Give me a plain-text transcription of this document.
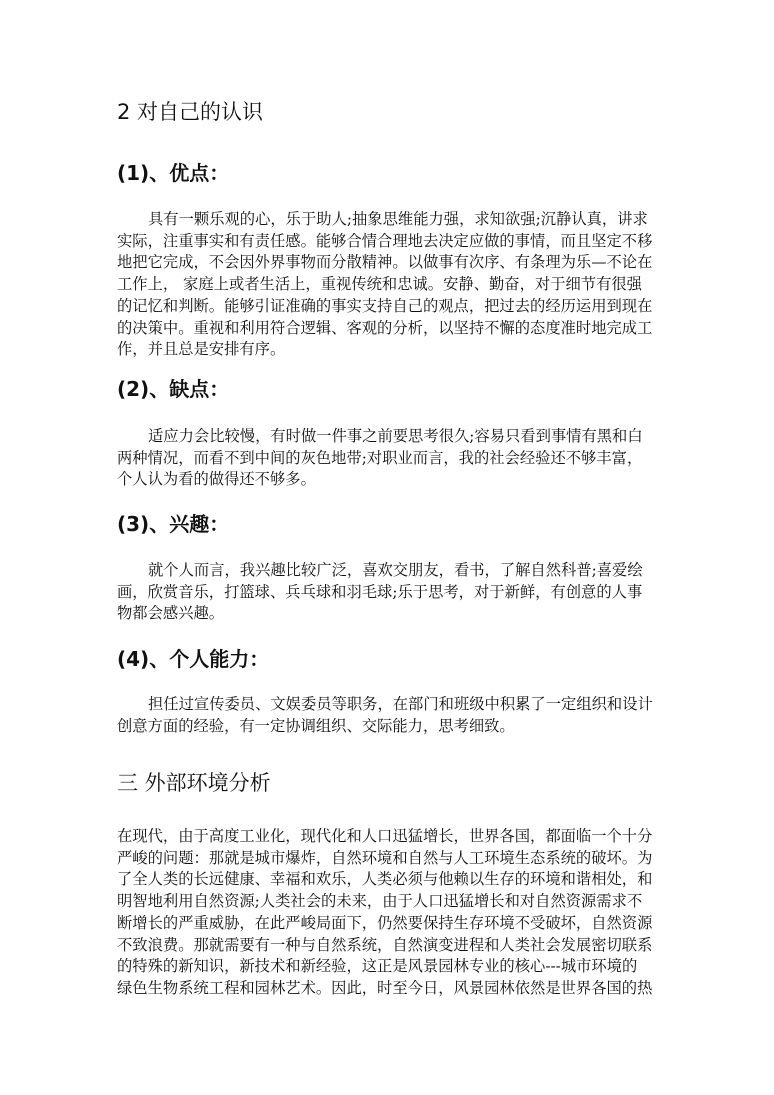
2 对自己的认识
(1)、优点：
具有一颗乐观的心，乐于助人;抽象思维能力强，求知欲强;沉静认真，讲求
实际，注重事实和有责任感。能够合情合理地去决定应做的事情，而且坚定不移
地把它完成，不会因外界事物而分散精神。以做事有次序、有条理为乐—不论在
工作上， 家庭上或者生活上，重视传统和忠诚。安静、勤奋，对于细节有很强
的记忆和判断。能够引证准确的事实支持自己的观点，把过去的经历运用到现在
的决策中。重视和利用符合逻辑、客观的分析，以坚持不懈的态度准时地完成工
作，并且总是安排有序。
(2)、缺点：
适应力会比较慢，有时做一件事之前要思考很久;容易只看到事情有黑和白
两种情况，而看不到中间的灰色地带;对职业而言，我的社会经验还不够丰富，
个人认为看的做得还不够多。
(3)、兴趣：
就个人而言，我兴趣比较广泛，喜欢交朋友，看书，了解自然科普;喜爱绘
画，欣赏音乐，打篮球、兵乓球和羽毛球;乐于思考，对于新鲜，有创意的人事
物都会感兴趣。
(4)、个人能力：
担任过宣传委员、文娱委员等职务，在部门和班级中积累了一定组织和设计
创意方面的经验，有一定协调组织、交际能力，思考细致。
三 外部环境分析
在现代，由于高度工业化，现代化和人口迅猛增长，世界各国，都面临一个十分
严峻的问题：那就是城市爆炸，自然环境和自然与人工环境生态系统的破坏。为
了全人类的长远健康、幸福和欢乐，人类必须与他赖以生存的环境和谐相处，和
明智地利用自然资源;人类社会的未来，由于人口迅猛增长和对自然资源需求不
断增长的严重威胁，在此严峻局面下，仍然要保持生存环境不受破坏，自然资源
不致浪费。那就需要有一种与自然系统，自然演变进程和人类社会发展密切联系
的特殊的新知识，新技术和新经验，这正是风景园林专业的核心---城市环境的
绿色生物系统工程和园林艺术。因此，时至今日，风景园林依然是世界各国的热
